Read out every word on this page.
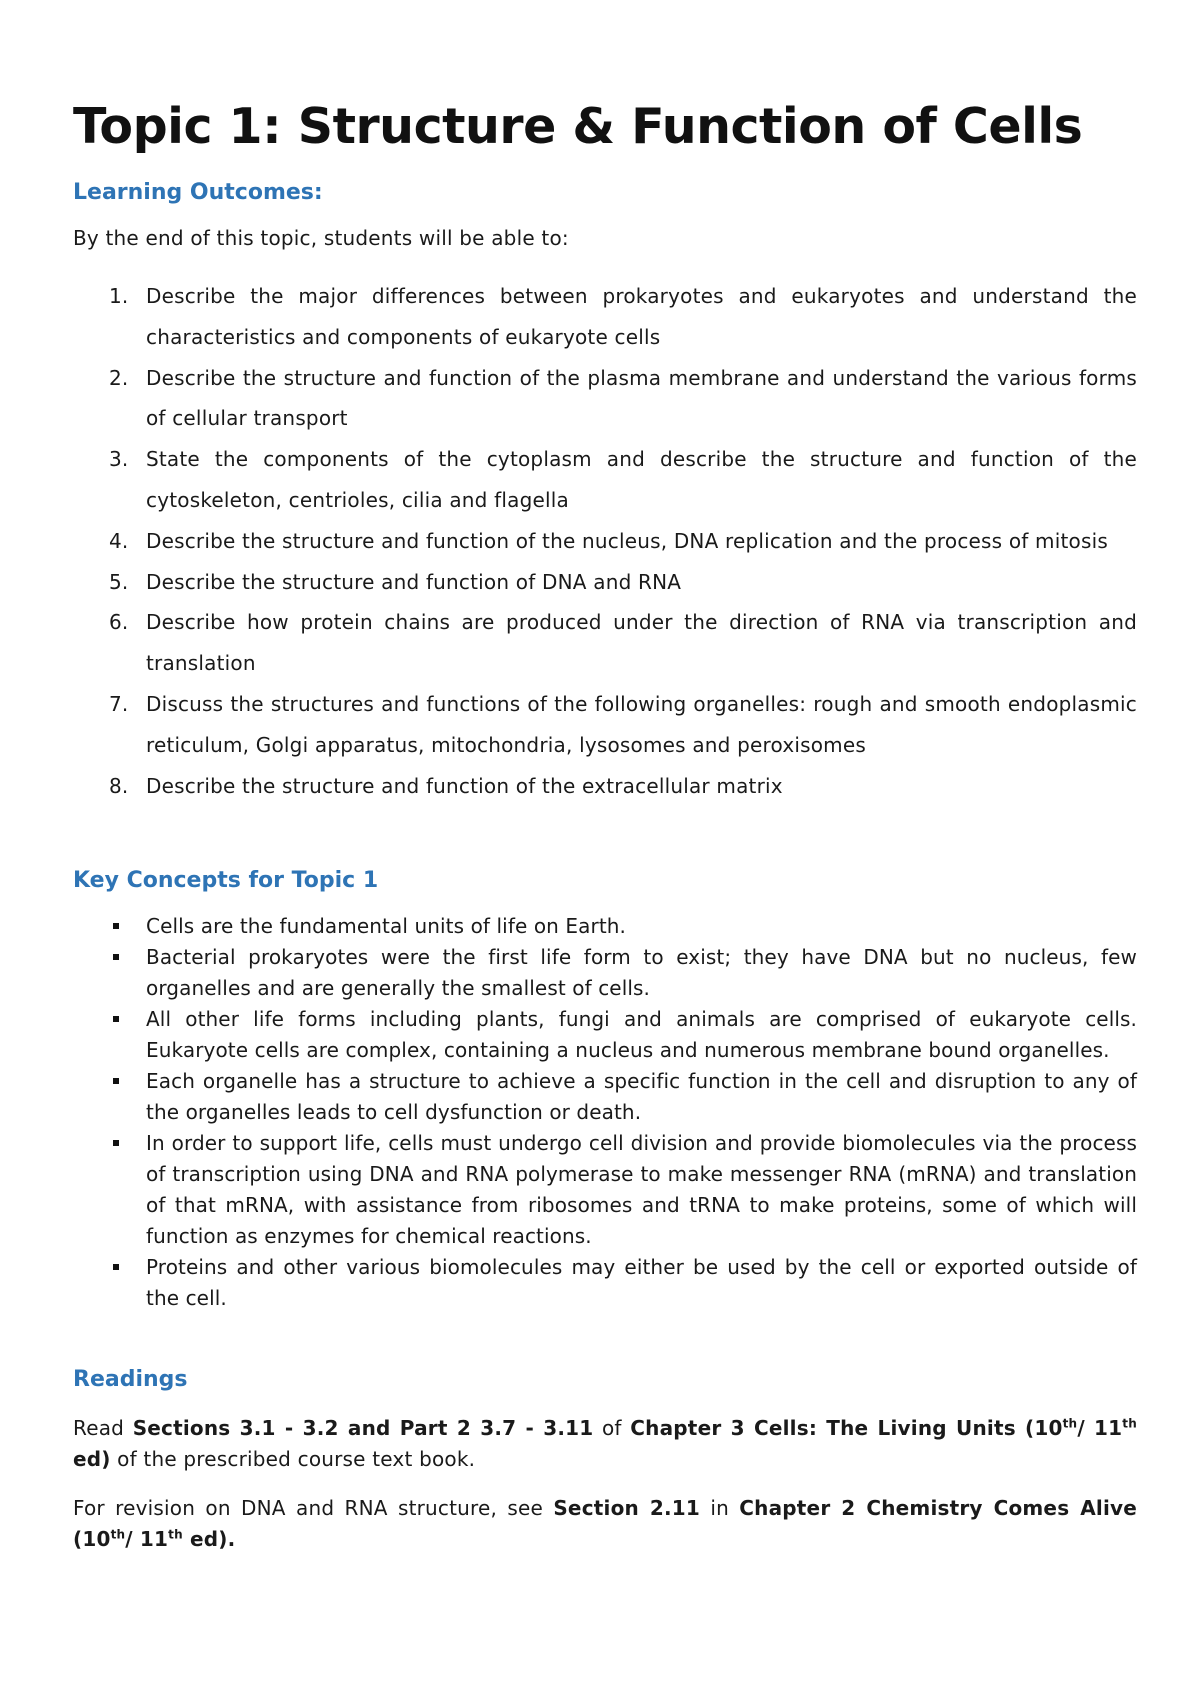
Topic 1: Structure & Function of Cells
Learning Outcomes:

By the end of this topic, students will be able to:

1. Describe the major differences between prokaryotes and eukaryotes and understand the characteristics and components of eukaryote cells
2. Describe the structure and function of the plasma membrane and understand the various forms of cellular transport
3. State the components of the cytoplasm and describe the structure and function of the cytoskeleton, centrioles, cilia and flagella
4. Describe the structure and function of the nucleus, DNA replication and the process of mitosis
5. Describe the structure and function of DNA and RNA
6. Describe how protein chains are produced under the direction of RNA via transcription and translation
7. Discuss the structures and functions of the following organelles: rough and smooth endoplasmic reticulum, Golgi apparatus, mitochondria, lysosomes and peroxisomes
8. Describe the structure and function of the extracellular matrix
Key Concepts for Topic 1
Cells are the fundamental units of life on Earth.
Bacterial prokaryotes were the first life form to exist; they have DNA but no nucleus, few organelles and are generally the smallest of cells.
All other life forms including plants, fungi and animals are comprised of eukaryote cells. Eukaryote cells are complex, containing a nucleus and numerous membrane bound organelles.
Each organelle has a structure to achieve a specific function in the cell and disruption to any of the organelles leads to cell dysfunction or death.
In order to support life, cells must undergo cell division and provide biomolecules via the process of transcription using DNA and RNA polymerase to make messenger RNA (mRNA) and translation of that mRNA, with assistance from ribosomes and tRNA to make proteins, some of which will function as enzymes for chemical reactions.
Proteins and other various biomolecules may either be used by the cell or exported outside of the cell.
Readings

Read Sections 3.1 - 3.2 and Part 2 3.7 - 3.11 of Chapter 3 Cells: The Living Units (10th/ 11th ed) of the prescribed course text book.

For revision on DNA and RNA structure, see Section 2.11 in Chapter 2 Chemistry Comes Alive (10th/ 11th ed).
